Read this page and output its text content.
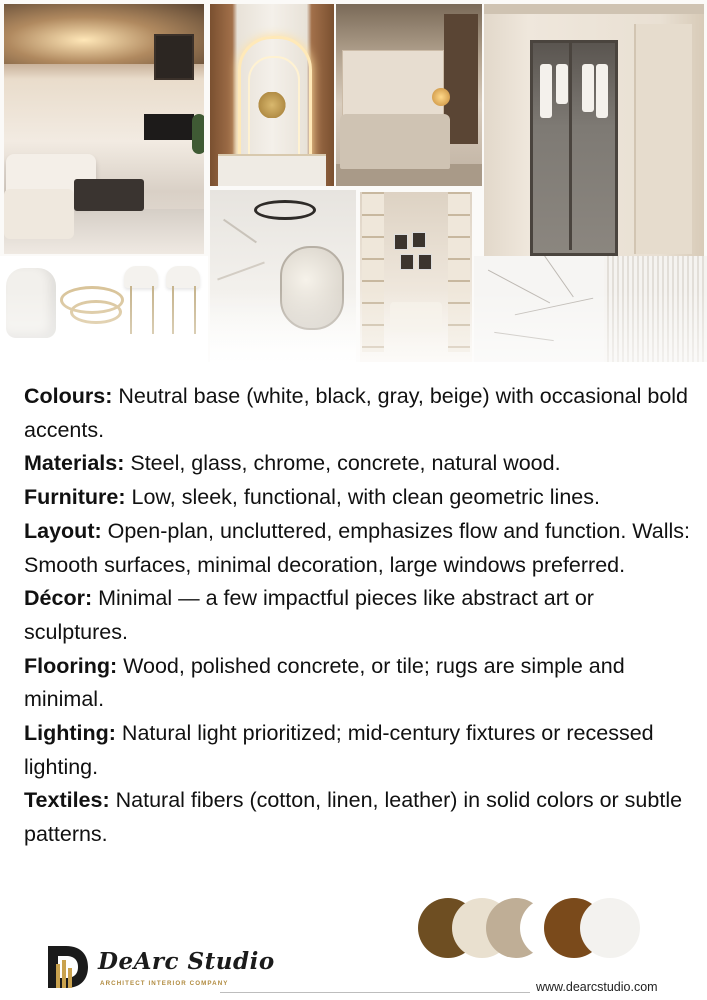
Colours: Neutral base (white, black, gray, beige) with occasional bold accents.

Materials: Steel, glass, chrome, concrete, natural wood.

Furniture: Low, sleek, functional, with clean geometric lines.

Layout: Open-plan, uncluttered, emphasizes flow and function. Walls: Smooth surfaces, minimal decoration, large windows preferred.

Décor: Minimal — a few impactful pieces like abstract art or sculptures.

Flooring: Wood, polished concrete, or tile; rugs are simple and minimal.

Lighting: Natural light prioritized; mid-century fixtures or recessed lighting.

Textiles: Natural fibers (cotton, linen, leather) in solid colors or subtle patterns.

DeArc Studio
ARCHITECT INTERIOR COMPANY	www.dearcstudio.com
